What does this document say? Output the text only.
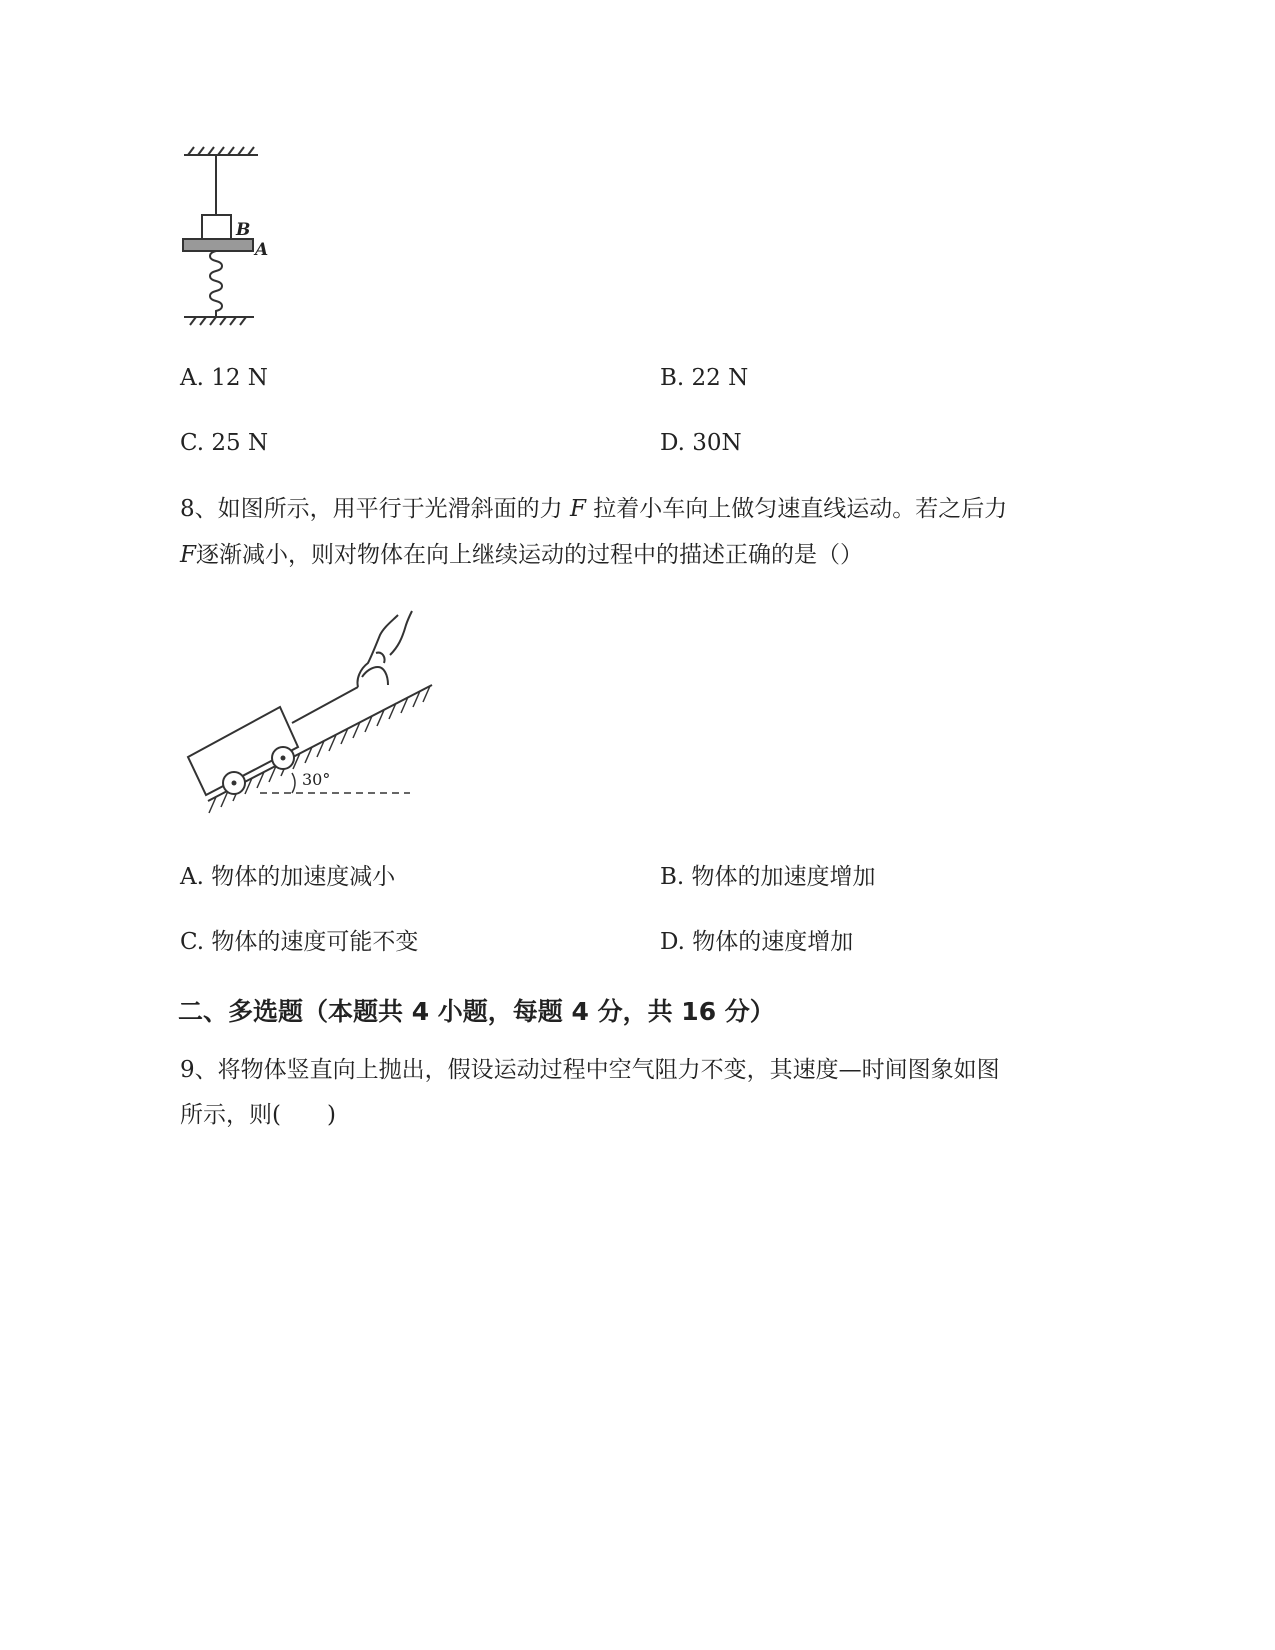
B
A
A. 12 N	B. 22 N
C. 25 N	D. 30N
8、如图所示，用平行于光滑斜面的力 F 拉着小车向上做匀速直线运动。若之后力
F逐渐减小，则对物体在向上继续运动的过程中的描述正确的是（）
30°
A. 物体的加速度减小	B. 物体的加速度增加
C. 物体的速度可能不变	D. 物体的速度增加
二、多选题（本题共 4 小题，每题 4 分，共 16 分）
9、将物体竖直向上抛出，假设运动过程中空气阻力不变，其速度—时间图象如图
所示，则(　　)
